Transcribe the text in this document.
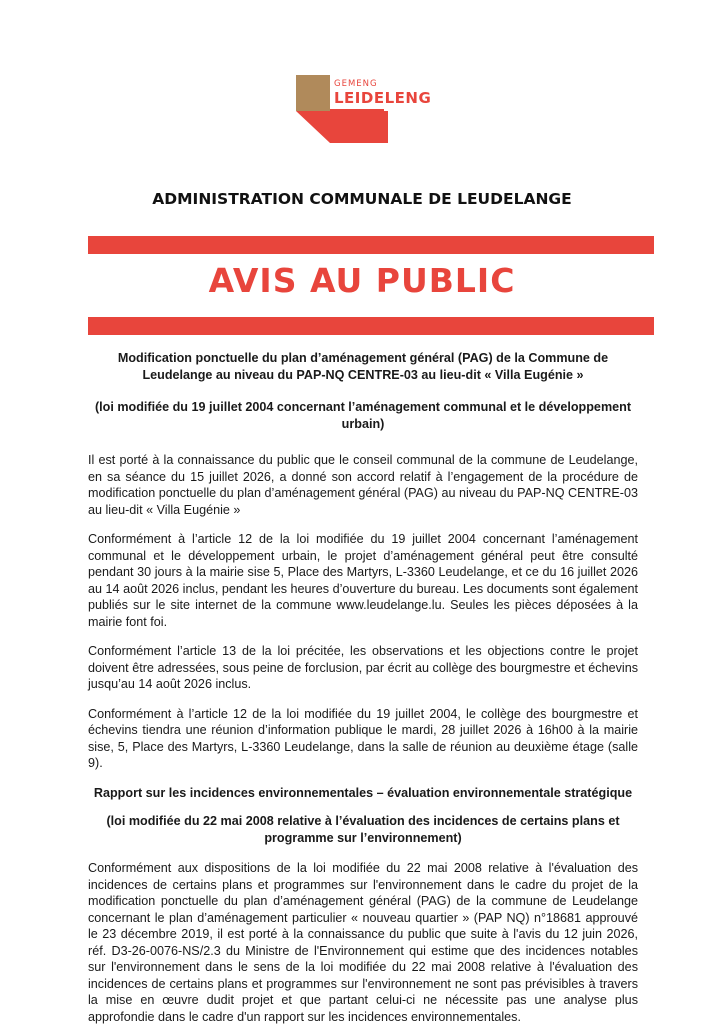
GEMENG
LEIDELENG
ADMINISTRATION COMMUNALE DE LEUDELANGE
AVIS AU PUBLIC

Modification ponctuelle du plan d’aménagement général (PAG) de la Commune de Leudelange au niveau du PAP-NQ CENTRE-03 au lieu-dit « Villa Eugénie »

(loi modifiée du 19 juillet 2004 concernant l’aménagement communal et le développement urbain)

Il est porté à la connaissance du public que le conseil communal de la commune de Leudelange, en sa séance du 15 juillet 2026, a donné son accord relatif à l’engagement de la procédure de modification ponctuelle du plan d’aménagement général (PAG) au niveau du PAP-NQ CENTRE-03 au lieu-dit « Villa Eugénie »

Conformément à l’article 12 de la loi modifiée du 19 juillet 2004 concernant l’aménagement communal et le développement urbain, le projet d’aménagement général peut être consulté pendant 30 jours à la mairie sise 5, Place des Martyrs, L-3360 Leudelange, et ce du 16 juillet 2026 au 14 août 2026 inclus, pendant les heures d’ouverture du bureau. Les documents sont également publiés sur le site internet de la commune www.leudelange.lu. Seules les pièces déposées à la mairie font foi.

Conformément l’article 13 de la loi précitée, les observations et les objections contre le projet doivent être adressées, sous peine de forclusion, par écrit au collège des bourgmestre et échevins jusqu’au 14 août 2026 inclus.

Conformément à l’article 12 de la loi modifiée du 19 juillet 2004, le collège des bourgmestre et échevins tiendra une réunion d’information publique le mardi, 28 juillet 2026 à 16h00 à la mairie sise, 5, Place des Martyrs, L-3360 Leudelange, dans la salle de réunion au deuxième étage (salle 9).

Rapport sur les incidences environnementales – évaluation environnementale stratégique

(loi modifiée du 22 mai 2008 relative à l’évaluation des incidences de certains plans et programme sur l’environnement)

Conformément aux dispositions de la loi modifiée du 22 mai 2008 relative à l'évaluation des incidences de certains plans et programmes sur l'environnement dans le cadre du projet de la modification ponctuelle du plan d’aménagement général (PAG) de la commune de Leudelange concernant le plan d’aménagement particulier « nouveau quartier » (PAP NQ) n°18681 approuvé le 23 décembre 2019, il est porté à la connaissance du public que suite à l'avis du 12 juin 2026, réf. D3-26-0076-NS/2.3 du Ministre de l'Environnement qui estime que des incidences notables sur l'environnement dans le sens de la loi modifiée du 22 mai 2008 relative à l'évaluation des incidences de certains plans et programmes sur l'environnement ne sont pas prévisibles à travers la mise en œuvre dudit projet et que partant celui-ci ne nécessite pas une analyse plus approfondie dans le cadre d'un rapport sur les incidences environnementales.
